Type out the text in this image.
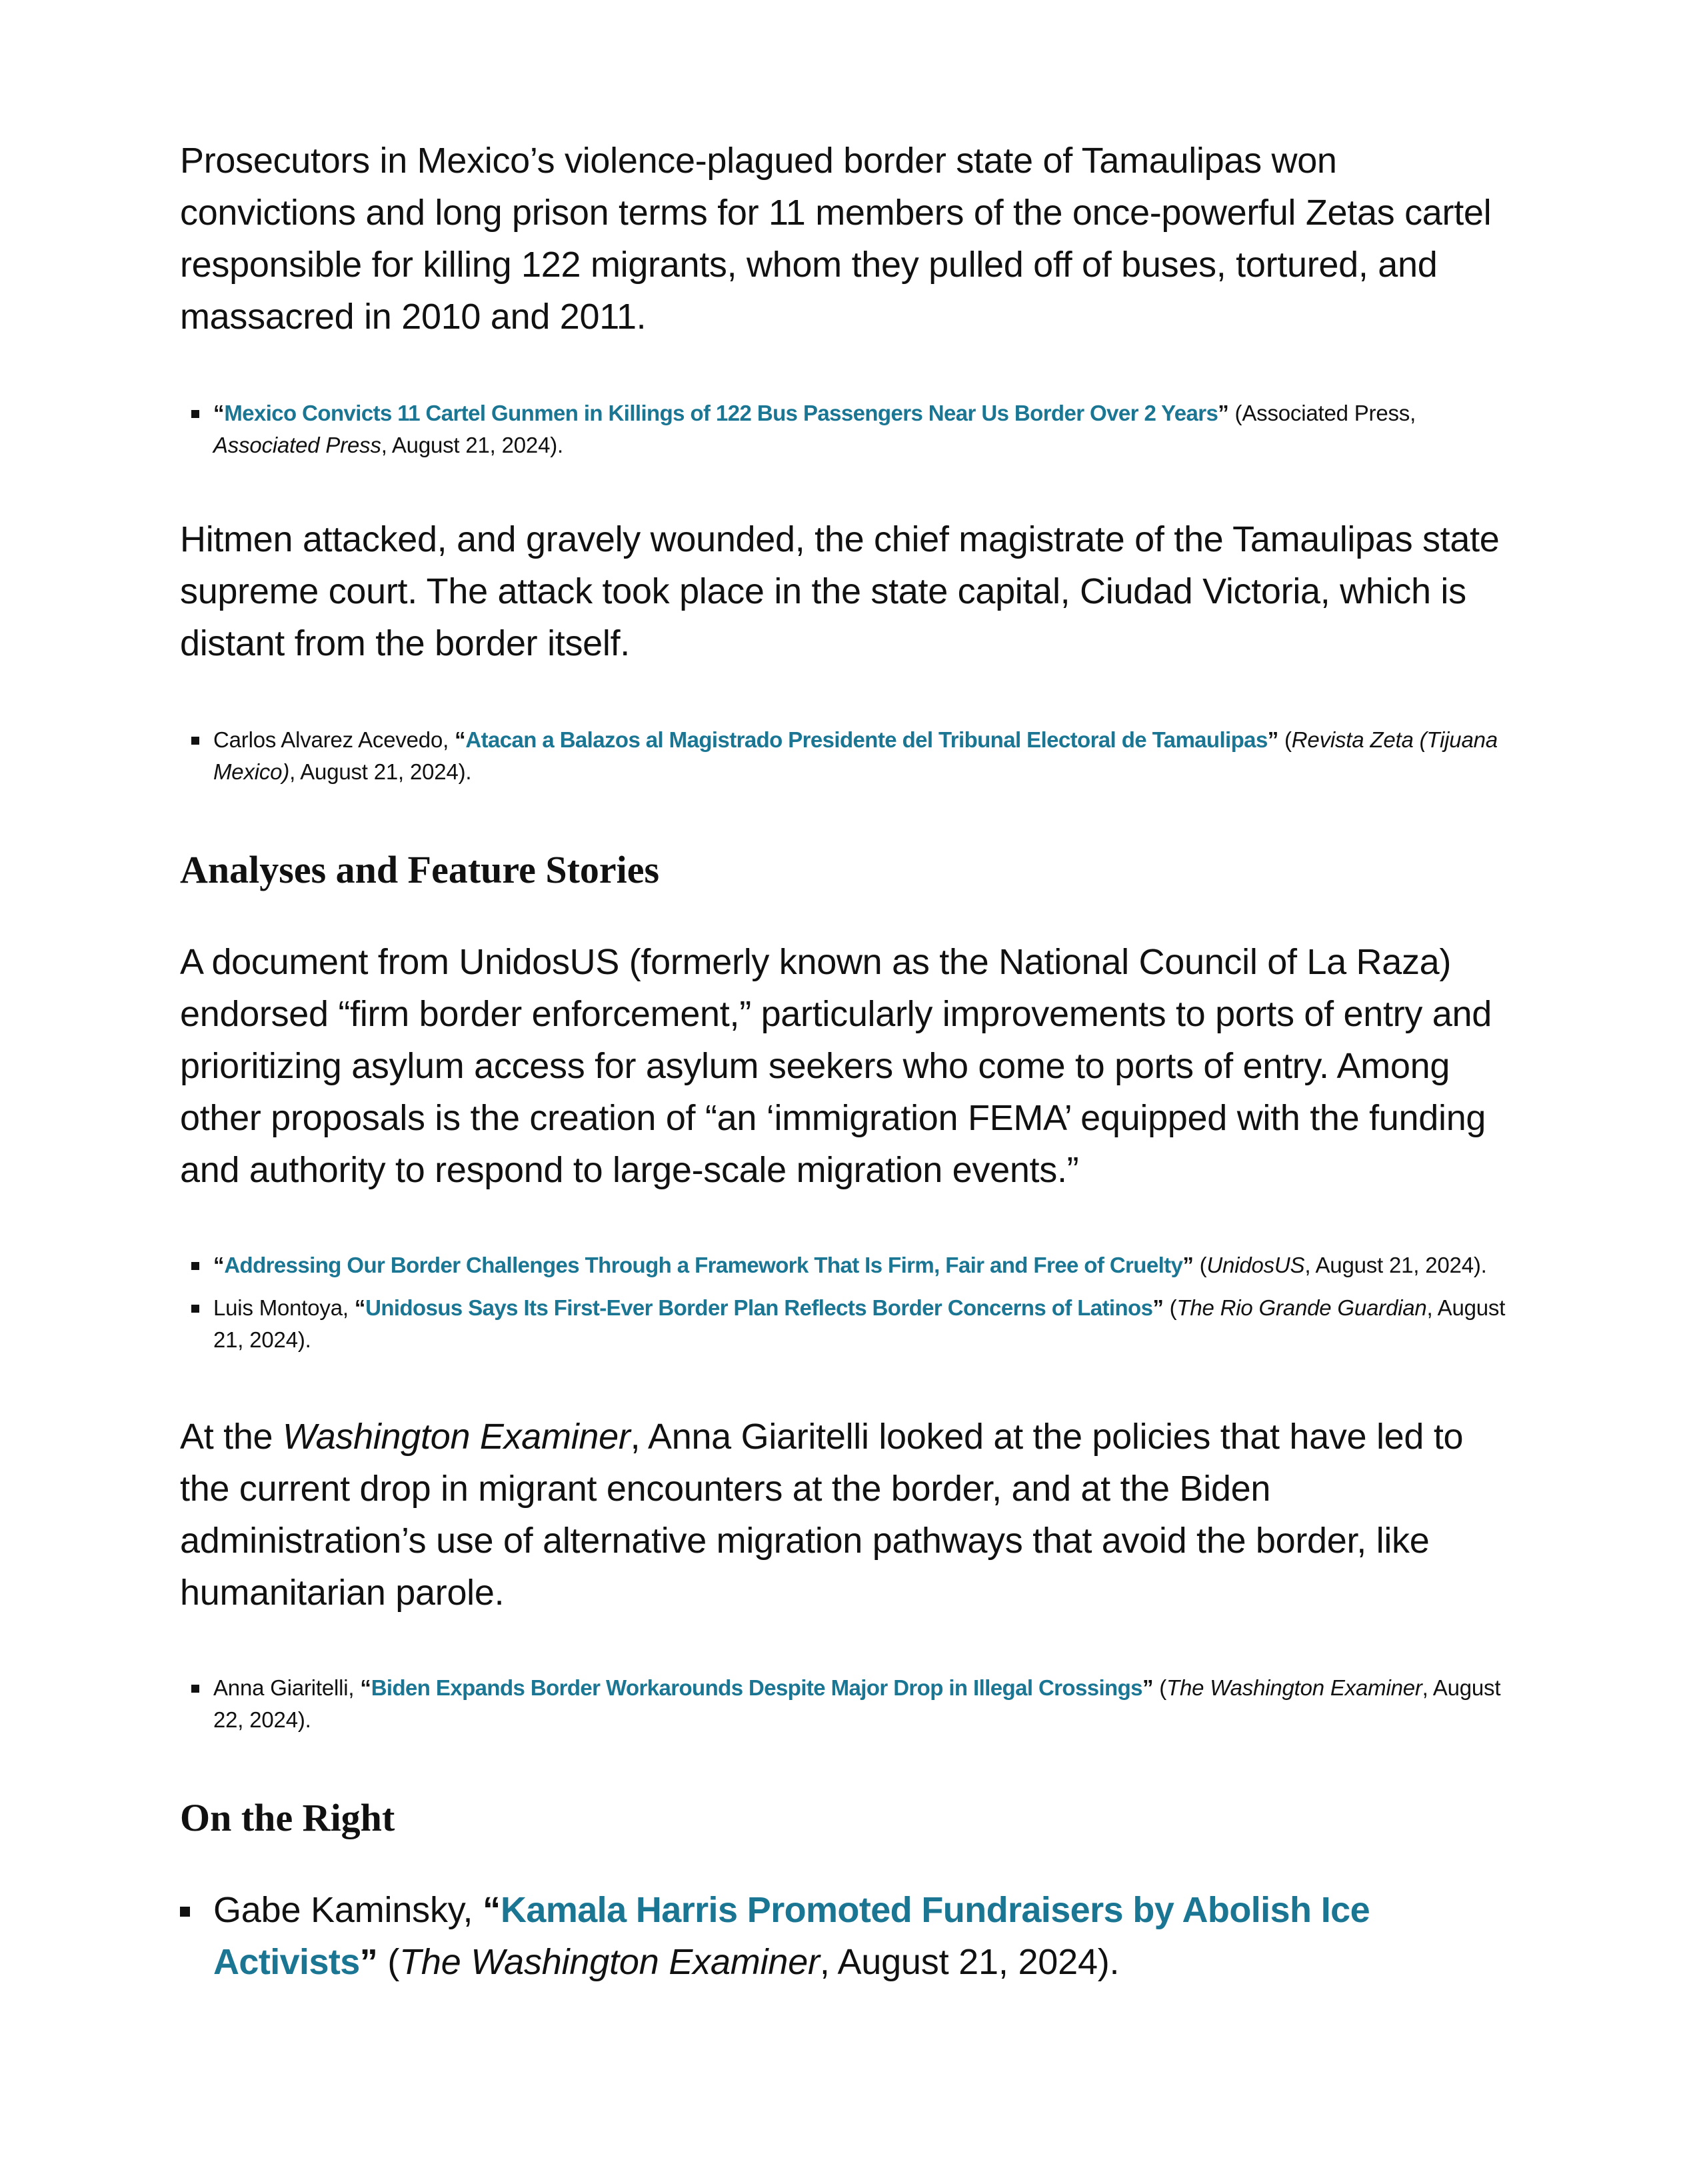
Prosecutors in Mexico’s violence-plagued border state of Tamaulipas won convictions and long prison terms for 11 members of the once-powerful Zetas cartel responsible for killing 122 migrants, whom they pulled off of buses, tortured, and massacred in 2010 and 2011.

“Mexico Convicts 11 Cartel Gunmen in Killings of 122 Bus Passengers Near Us Border Over 2 Years” (Associated Press, Associated Press, August 21, 2024).

Hitmen attacked, and gravely wounded, the chief magistrate of the Tamaulipas state supreme court. The attack took place in the state capital, Ciudad Victoria, which is distant from the border itself.

Carlos Alvarez Acevedo, “Atacan a Balazos al Magistrado Presidente del Tribunal Electoral de Tamaulipas” (Revista Zeta (Tijuana Mexico), August 21, 2024).
Analyses and Feature Stories

A document from UnidosUS (formerly known as the National Council of La Raza) endorsed “firm border enforcement,” particularly improvements to ports of entry and prioritizing asylum access for asylum seekers who come to ports of entry. Among other proposals is the creation of “an ‘immigration FEMA’ equipped with the funding and authority to respond to large-scale migration events.”

“Addressing Our Border Challenges Through a Framework That Is Firm, Fair and Free of Cruelty” (UnidosUS, August 21, 2024).
Luis Montoya, “Unidosus Says Its First-Ever Border Plan Reflects Border Concerns of Latinos” (The Rio Grande Guardian, August 21, 2024).

At the Washington Examiner, Anna Giaritelli looked at the policies that have led to the current drop in migrant encounters at the border, and at the Biden administration’s use of alternative migration pathways that avoid the border, like humanitarian parole.

Anna Giaritelli, “Biden Expands Border Workarounds Despite Major Drop in Illegal Crossings” (The Washington Examiner, August 22, 2024).
On the Right
Gabe Kaminsky, “Kamala Harris Promoted Fundraisers by Abolish Ice Activists” (The Washington Examiner, August 21, 2024).
